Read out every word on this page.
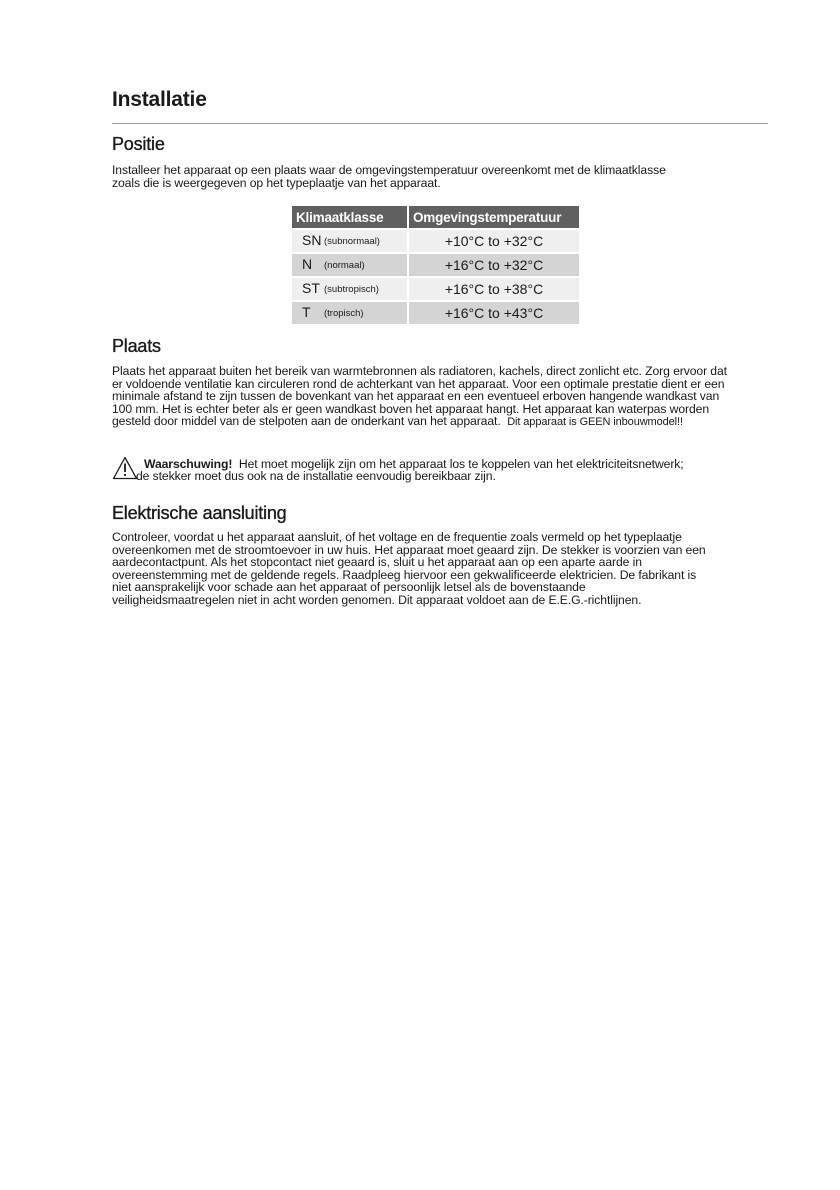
Installatie
Positie
Installeer het apparaat op een plaats waar de omgevingstemperatuur overeenkomt met de klimaatklasse
zoals die is weergegeven op het typeplaatje van het apparaat.
Klimaatklasse	Omgevingstemperatuur
SN (subnormaal)	+10°C to +32°C
N (normaal)	+16°C to +32°C
ST (subtropisch)	+16°C to +38°C
T (tropisch)	+16°C to +43°C
Plaats
Plaats het apparaat buiten het bereik van warmtebronnen als radiatoren, kachels, direct zonlicht etc. Zorg ervoor dat
er voldoende ventilatie kan circuleren rond de achterkant van het apparaat. Voor een optimale prestatie dient er een
minimale afstand te zijn tussen de bovenkant van het apparaat en een eventueel erboven hangende wandkast van
100 mm. Het is echter beter als er geen wandkast boven het apparaat hangt. Het apparaat kan waterpas worden
gesteld door middel van de stelpoten aan de onderkant van het apparaat. Dit apparaat is GEEN inbouwmodel!!
Waarschuwing! Het moet mogelijk zijn om het apparaat los te koppelen van het elektriciteitsnetwerk;
de stekker moet dus ook na de installatie eenvoudig bereikbaar zijn.
Elektrische aansluiting
Controleer, voordat u het apparaat aansluit, of het voltage en de frequentie zoals vermeld op het typeplaatje
overeenkomen met de stroomtoevoer in uw huis. Het apparaat moet geaard zijn. De stekker is voorzien van een
aardecontactpunt. Als het stopcontact niet geaard is, sluit u het apparaat aan op een aparte aarde in
overeenstemming met de geldende regels. Raadpleeg hiervoor een gekwalificeerde elektricien. De fabrikant is
niet aansprakelijk voor schade aan het apparaat of persoonlijk letsel als de bovenstaande
veiligheidsmaatregelen niet in acht worden genomen. Dit apparaat voldoet aan de E.E.G.-richtlijnen.
